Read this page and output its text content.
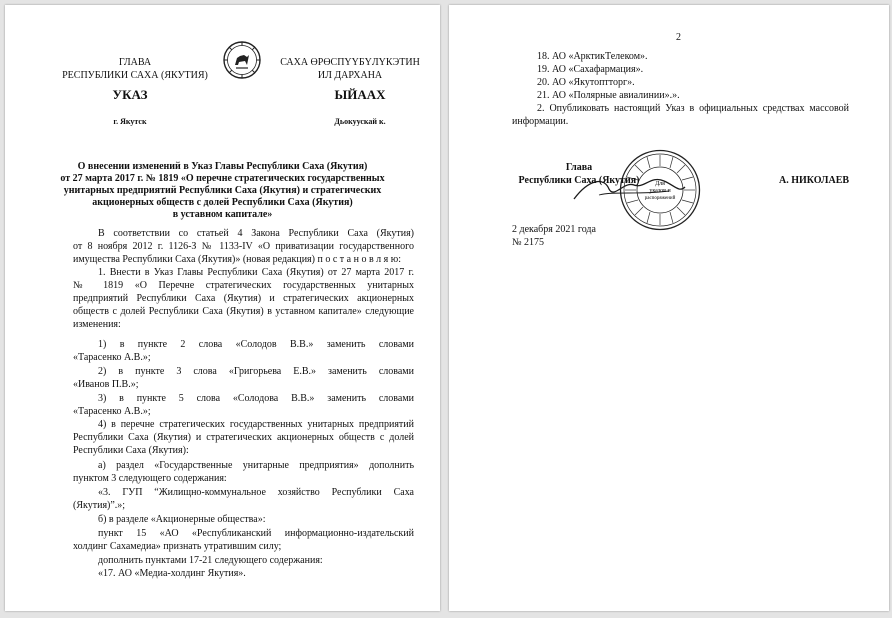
ГЛАВА
РЕСПУБЛИКИ САХА (ЯКУТИЯ)
САХА ӨРӨСПҮҮБҮЛҮКЭТИН
ИЛ ДАРХАНА
УКАЗ	ЫЙААХ
г. Якутск	Дьокуускай к.
О внесении изменений в Указ Главы Республики Саха (Якутия)
от 27 марта 2017 г. № 1819 «О перечне стратегических государственных
унитарных предприятий Республики Саха (Якутия) и стратегических
акционерных обществ с долей Республики Саха (Якутия)
в уставном капитале»
В соответствии со статьей 4 Закона Республики Саха (Якутия)
от 8 ноября 2012 г. 1126-З № 1133-IV «О приватизации государственного
имущества Республики Саха (Якутия)» (новая редакция) п о с т а н о в л я ю:
1. Внести в Указ Главы Республики Саха (Якутия) от 27 марта 2017 г.
№ 1819 «О Перечне стратегических государственных унитарных
предприятий Республики Саха (Якутия) и стратегических акционерных
обществ с долей Республики Саха (Якутия) в уставном капитале» следующие
изменения:
1) в пункте 2 слова «Солодов В.В.» заменить словами
«Тарасенко А.В.»;
2) в пункте 3 слова «Григорьева Е.В.» заменить словами
«Иванов П.В.»;
3) в пункте 5 слова «Солодова В.В.» заменить словами
«Тарасенко А.В.»;
4) в перечне стратегических государственных унитарных предприятий
Республики Саха (Якутия) и стратегических акционерных обществ с долей
Республики Саха (Якутия):
а) раздел «Государственные унитарные предприятия» дополнить
пунктом 3 следующего содержания:
«3. ГУП “Жилищно-коммунальное хозяйство Республики Саха
(Якутия)”.»;
б) в разделе «Акционерные общества»:
пункт 15 «АО «Республиканский информационно-издательский
холдинг Сахамедиа» признать утратившим силу;
дополнить пунктами 17-21 следующего содержания:
«17. АО «Медиа-холдинг Якутия».
2
18. АО «АрктикТелеком».
19. АО «Сахафармация».
20. АО «Якутоптторг».
21. АО «Полярные авиалинии».».
2. Опубликовать настоящий Указ в официальных средствах массовой
информации.
Для
указов и
распоряжений
Глава
Республики Саха (Якутия)	А. НИКОЛАЕВ
2 декабря 2021 года
№ 2175
